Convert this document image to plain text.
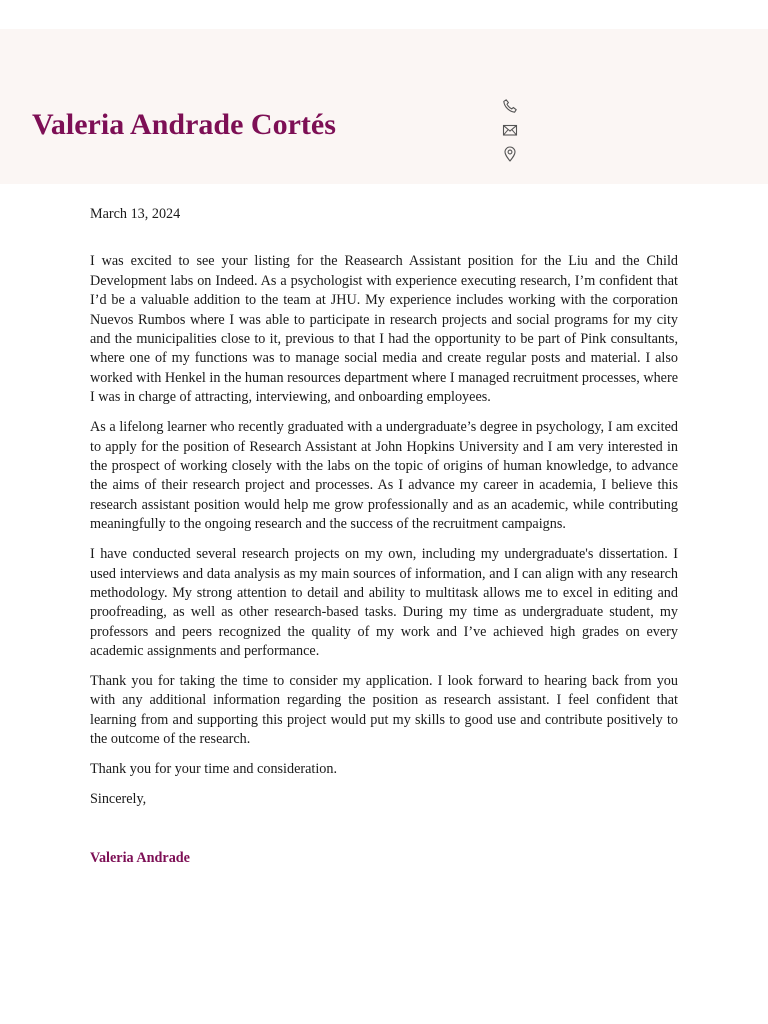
Valeria Andrade Cortés

March 13, 2024

I was excited to see your listing for the Reasearch Assistant position for the Liu and the Child Development labs on Indeed. As a psychologist with experience executing research, I’m confident that I’d be a valuable addition to the team at JHU. My experience includes working with the corporation Nuevos Rumbos where I was able to participate in research projects and social programs for my city and the municipalities close to it, previous to that I had the opportunity to be part of Pink consultants, where one of my functions was to manage social media and create regular posts and material. I also worked with Henkel in the human resources department where I managed recruitment processes, where I was in charge of attracting, interviewing, and onboarding employees.

As a lifelong learner who recently graduated with a undergraduate’s degree in psychology, I am excited to apply for the position of Research Assistant at John Hopkins University and I am very interested in the prospect of working closely with the labs on the topic of origins of human knowledge, to advance the aims of their research project and processes. As I advance my career in academia, I believe this research assistant position would help me grow professionally and as an academic, while contributing meaningfully to the ongoing research and the success of the recruitment campaigns.

I have conducted several research projects on my own, including my undergraduate's dissertation. I used interviews and data analysis as my main sources of information, and I can align with any research methodology. My strong attention to detail and ability to multitask allows me to excel in editing and proofreading, as well as other research-based tasks. During my time as undergraduate student, my professors and peers recognized the quality of my work and I’ve achieved high grades on every academic assignments and performance.

Thank you for taking the time to consider my application. I look forward to hearing back from you with any additional information regarding the position as research assistant. I feel confident that learning from and supporting this project would put my skills to good use and contribute positively to the outcome of the research.

Thank you for your time and consideration.

Sincerely,

Valeria Andrade
